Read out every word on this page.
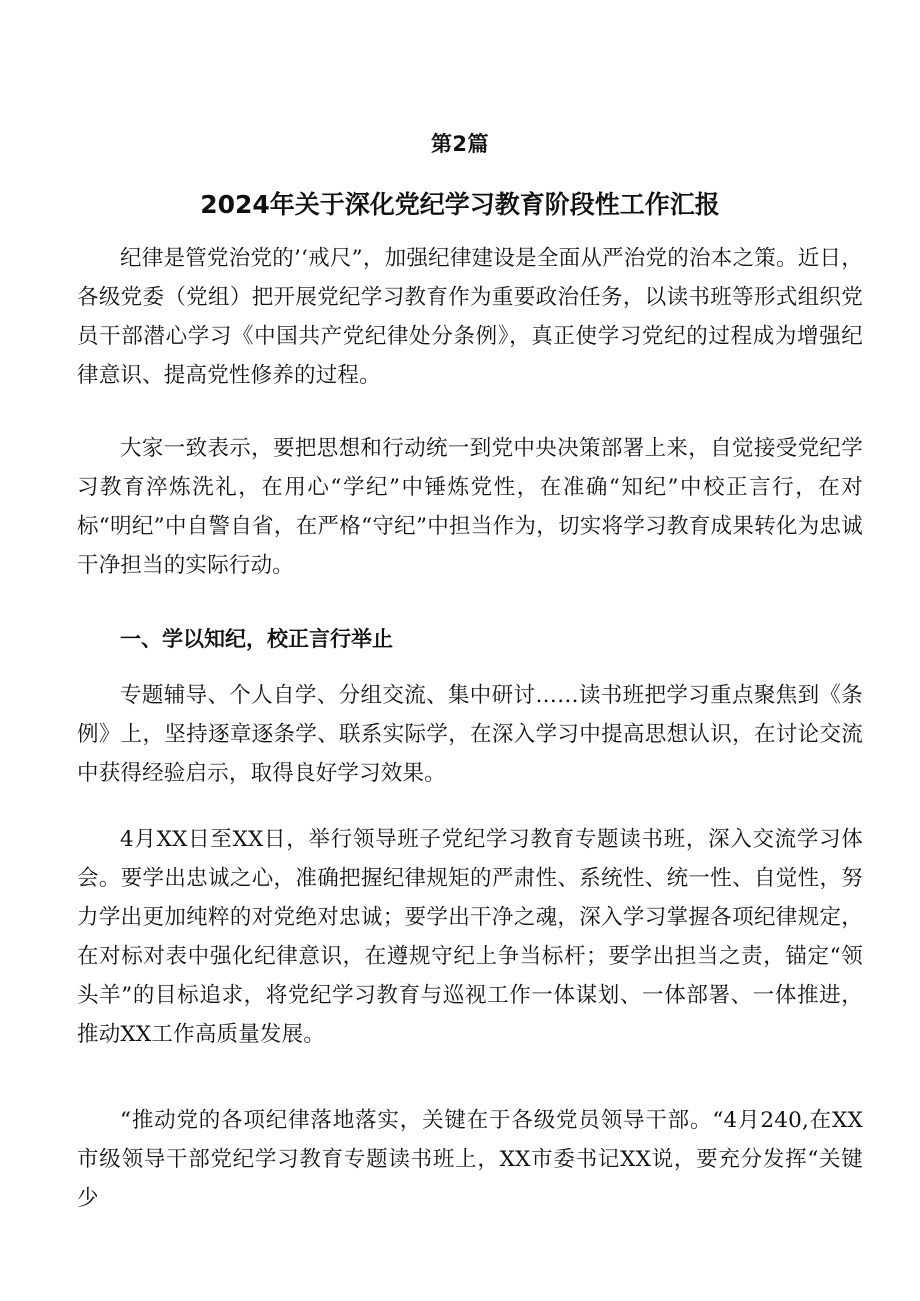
第2篇
2024年关于深化党纪学习教育阶段性工作汇报

纪律是管党治党的’‘戒尺”，加强纪律建设是全面从严治党的治本之策。近日，各级党委（党组）把开展党纪学习教育作为重要政治任务，以读书班等形式组织党员干部潜心学习《中国共产党纪律处分条例》，真正使学习党纪的过程成为增强纪律意识、提高党性修养的过程。

大家一致表示，要把思想和行动统一到党中央决策部署上来，自觉接受党纪学习教育淬炼洗礼，在用心“学纪”中锤炼党性，在准确“知纪”中校正言行，在对标“明纪”中自警自省，在严格“守纪”中担当作为，切实将学习教育成果转化为忠诚干净担当的实际行动。

一、学以知纪，校正言行举止

专题辅导、个人自学、分组交流、集中研讨……读书班把学习重点聚焦到《条例》上，坚持逐章逐条学、联系实际学，在深入学习中提高思想认识，在讨论交流中获得经验启示，取得良好学习效果。

4月XX日至XX日，举行领导班子党纪学习教育专题读书班，深入交流学习体会。要学出忠诚之心，准确把握纪律规矩的严肃性、系统性、统一性、自觉性，努力学出更加纯粹的对党绝对忠诚；要学出干净之魂，深入学习掌握各项纪律规定，在对标对表中强化纪律意识，在遵规守纪上争当标杆；要学出担当之责，锚定“领头羊”的目标追求，将党纪学习教育与巡视工作一体谋划、一体部署、一体推进，推动XX工作高质量发展。

“推动党的各项纪律落地落实，关键在于各级党员领导干部。“4月240,在XX市级领导干部党纪学习教育专题读书班上，XX市委书记XX说，要充分发挥“关键少
